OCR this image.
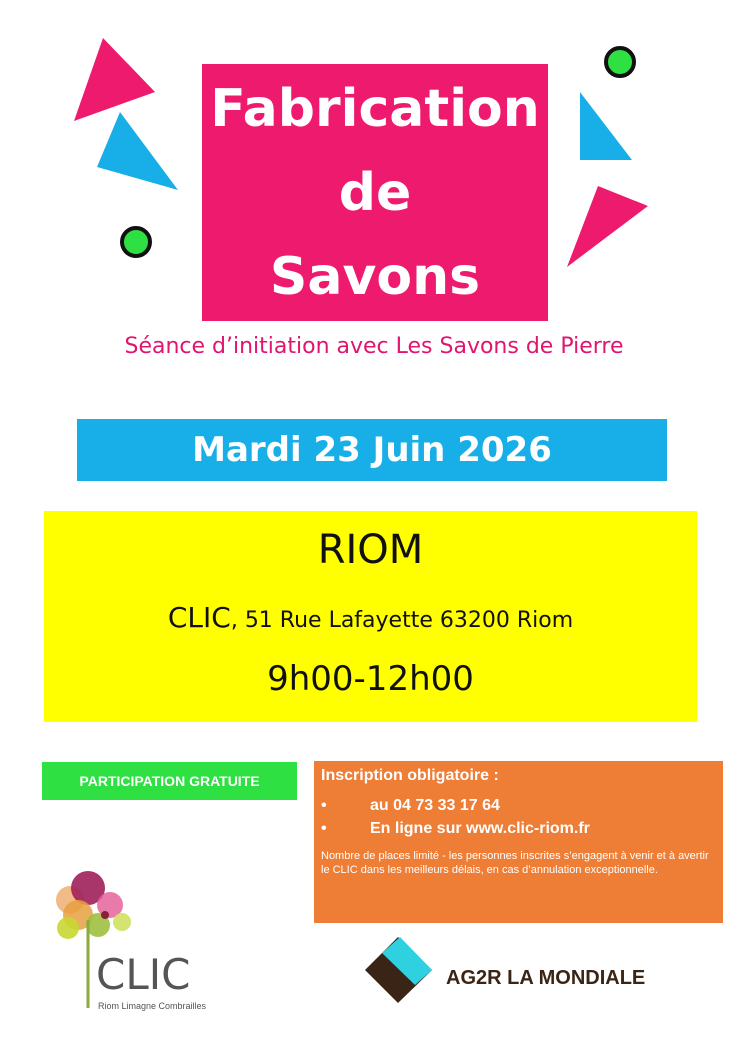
Fabrication
de
Savons
Séance d’initiation avec Les Savons de Pierre
Mardi 23 Juin 2026
RIOM
CLIC, 51 Rue Lafayette 63200 Riom
9h00-12h00
PARTICIPATION GRATUITE	Inscription obligatoire :
•	au 04 73 33 17 64
•	En ligne sur www.clic-riom.fr
Nombre de places limité - les personnes inscrites s’engagent à venir et à avertir le CLIC dans les meilleurs délais, en cas d’annulation exceptionnelle.
CLIC
Riom Limagne Combrailles
AG2R LA MONDIALE
